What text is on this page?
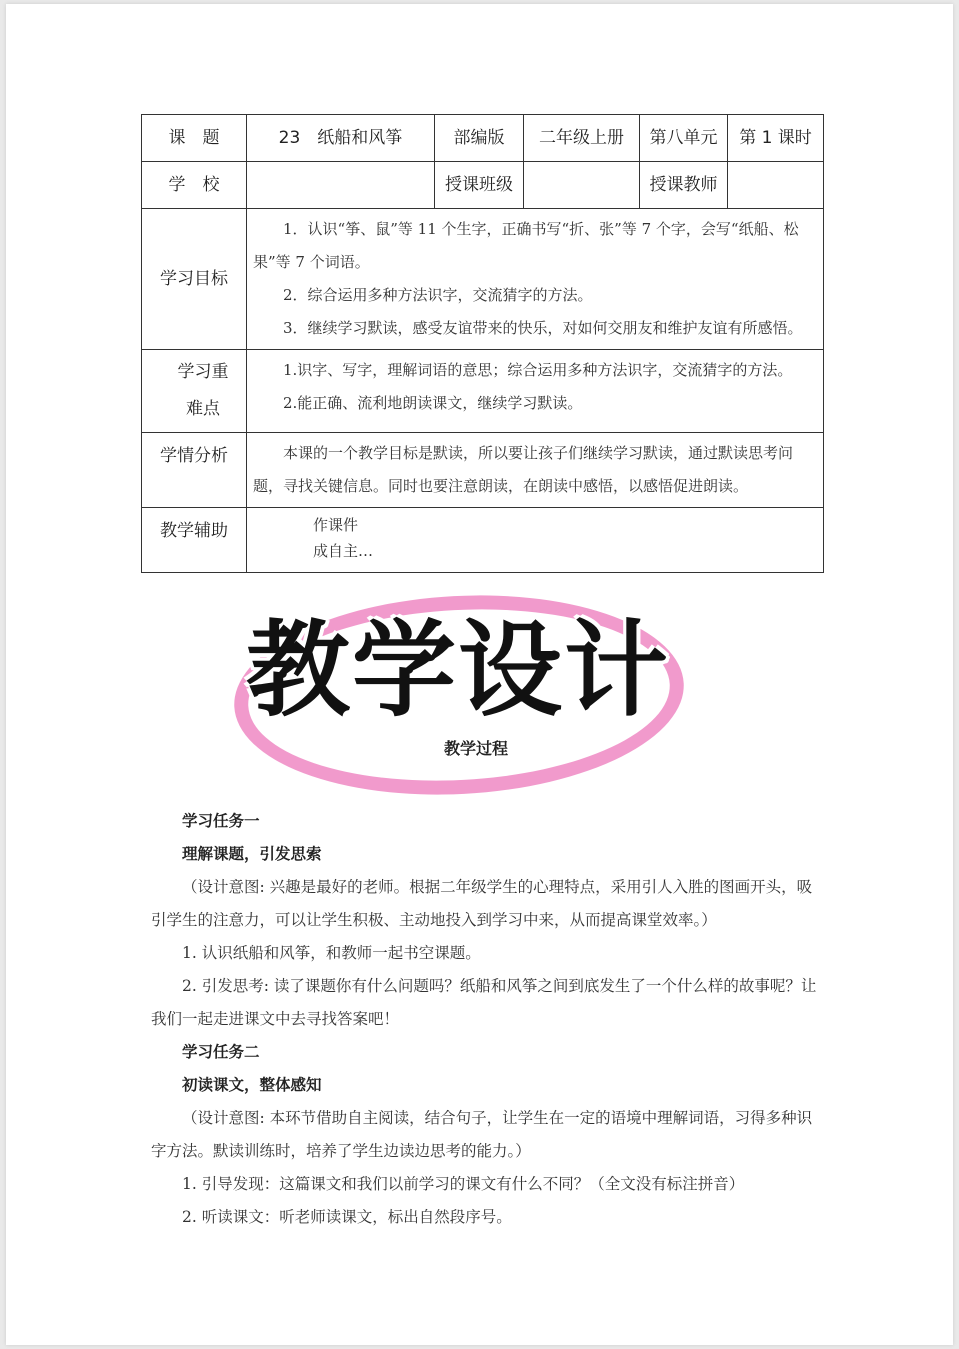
课　题	23　纸船和风筝	部编版	二年级上册	第八单元	第 1 课时
学　校		授课班级		授课教师	
学习目标	1．认识“筝、鼠”等 11 个生字，正确书写“折、张”等 7 个字，会写“纸船、松果”等 7 个词语。

2．综合运用多种方法识字，交流猜字的方法。

3．继续学习默读，感受友谊带来的快乐，对如何交朋友和维护友谊有所感悟。				

学习重难点	1.识字、写字，理解词语的意思；综合运用多种方法识字，交流猜字的方法。

2.能正确、流利地朗读课文，继续学习默读。				

学情分析	本课的一个教学目标是默读，所以要让孩子们继续学习默读，通过默读思考问题，寻找关键信息。同时也要注意朗读，在朗读中感悟，以感悟促进朗读。				

教学辅助	　　　　作课件

　　　　成自主…				

教学过程
教学设计

学习任务一

理解课题，引发思索

（设计意图: 兴趣是最好的老师。根据二年级学生的心理特点，采用引人入胜的图画开头，吸引学生的注意力，可以让学生积极、主动地投入到学习中来，从而提高课堂效率。）

1. 认识纸船和风筝，和教师一起书空课题。

2. 引发思考: 读了课题你有什么问题吗？纸船和风筝之间到底发生了一个什么样的故事呢？让我们一起走进课文中去寻找答案吧！

学习任务二

初读课文，整体感知

（设计意图: 本环节借助自主阅读，结合句子，让学生在一定的语境中理解词语，习得多种识字方法。默读训练时，培养了学生边读边思考的能力。）

1. 引导发现：这篇课文和我们以前学习的课文有什么不同？（全文没有标注拼音）

2. 听读课文：听老师读课文，标出自然段序号。
